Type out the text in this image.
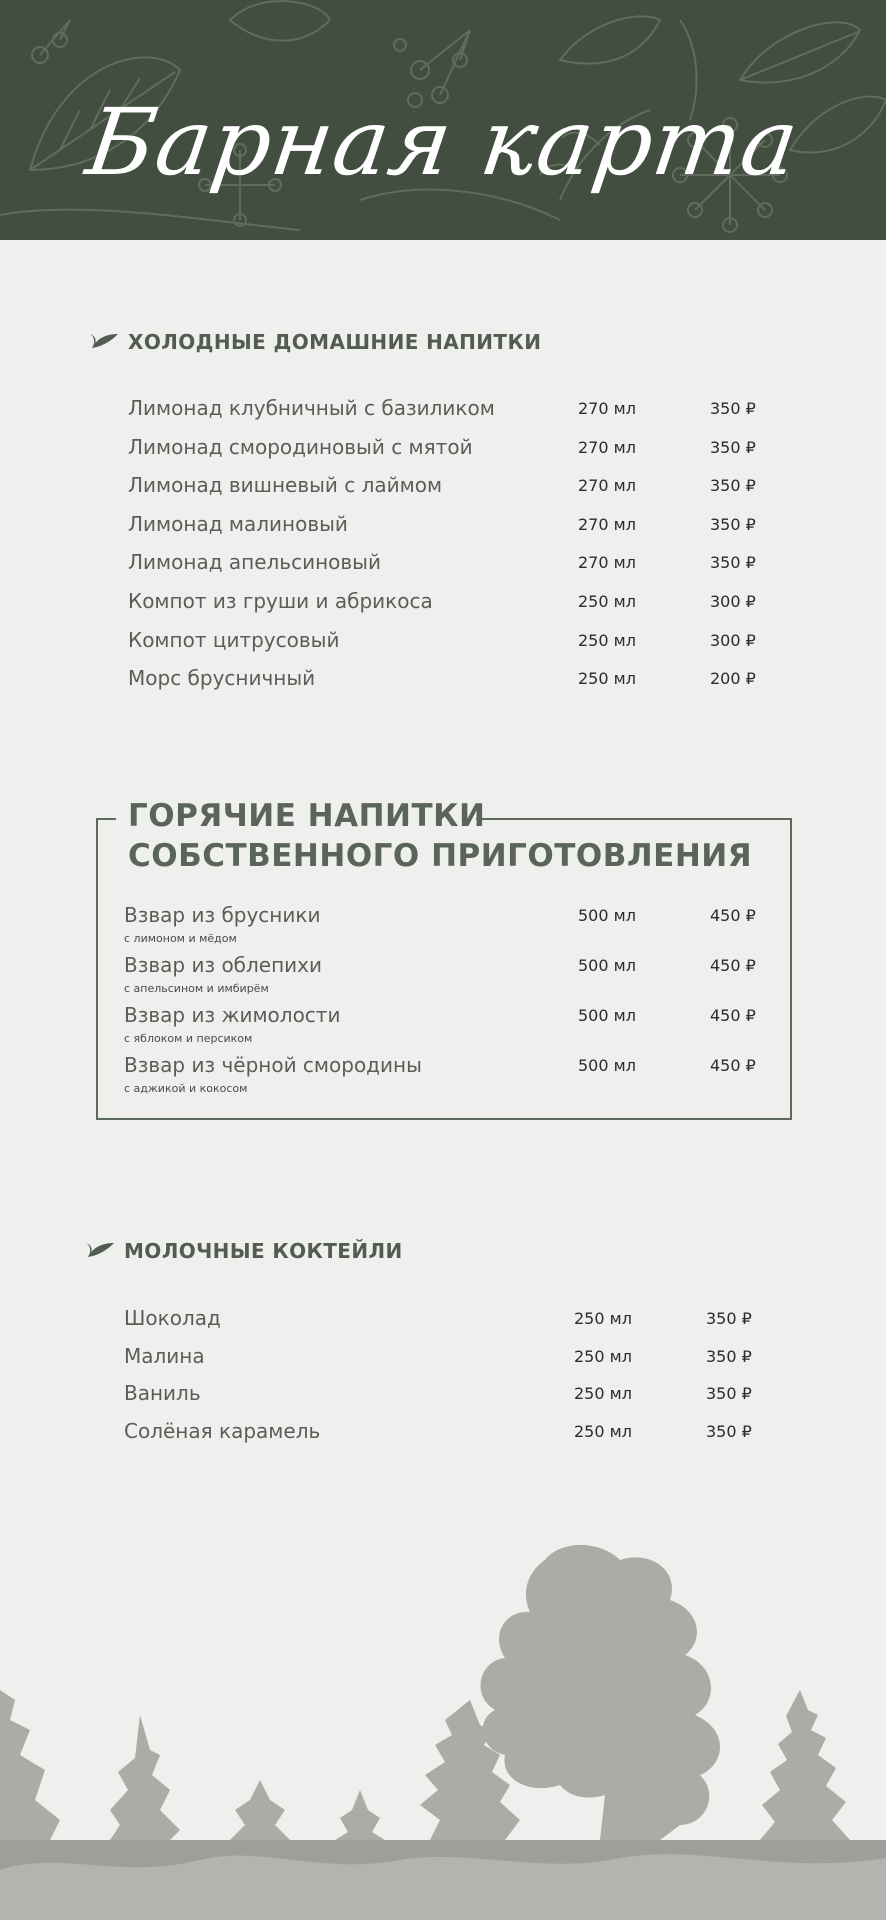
Барная карта
ХОЛОДНЫЕ ДОМАШНИЕ НАПИТКИ
Лимонад клубничный с базиликом	270 мл	350 ₽
Лимонад смородиновый с мятой	270 мл	350 ₽
Лимонад вишневый с лаймом	270 мл	350 ₽
Лимонад малиновый	270 мл	350 ₽
Лимонад апельсиновый	270 мл	350 ₽
Компот из груши и абрикоса	250 мл	300 ₽
Компот цитрусовый	250 мл	300 ₽
Морс брусничный	250 мл	200 ₽
ГОРЯЧИЕ НАПИТКИ
СОБСТВЕННОГО ПРИГОТОВЛЕНИЯ
Взвар из брусники
с лимоном и мёдом
500 мл	450 ₽
Взвар из облепихи
с апельсином и имбирём
500 мл	450 ₽
Взвар из жимолости
с яблоком и персиком
500 мл	450 ₽
Взвар из чёрной смородины
с аджикой и кокосом
500 мл	450 ₽
МОЛОЧНЫЕ КОКТЕЙЛИ
Шоколад	250 мл	350 ₽
Малина	250 мл	350 ₽
Ваниль	250 мл	350 ₽
Солёная карамель	250 мл	350 ₽
